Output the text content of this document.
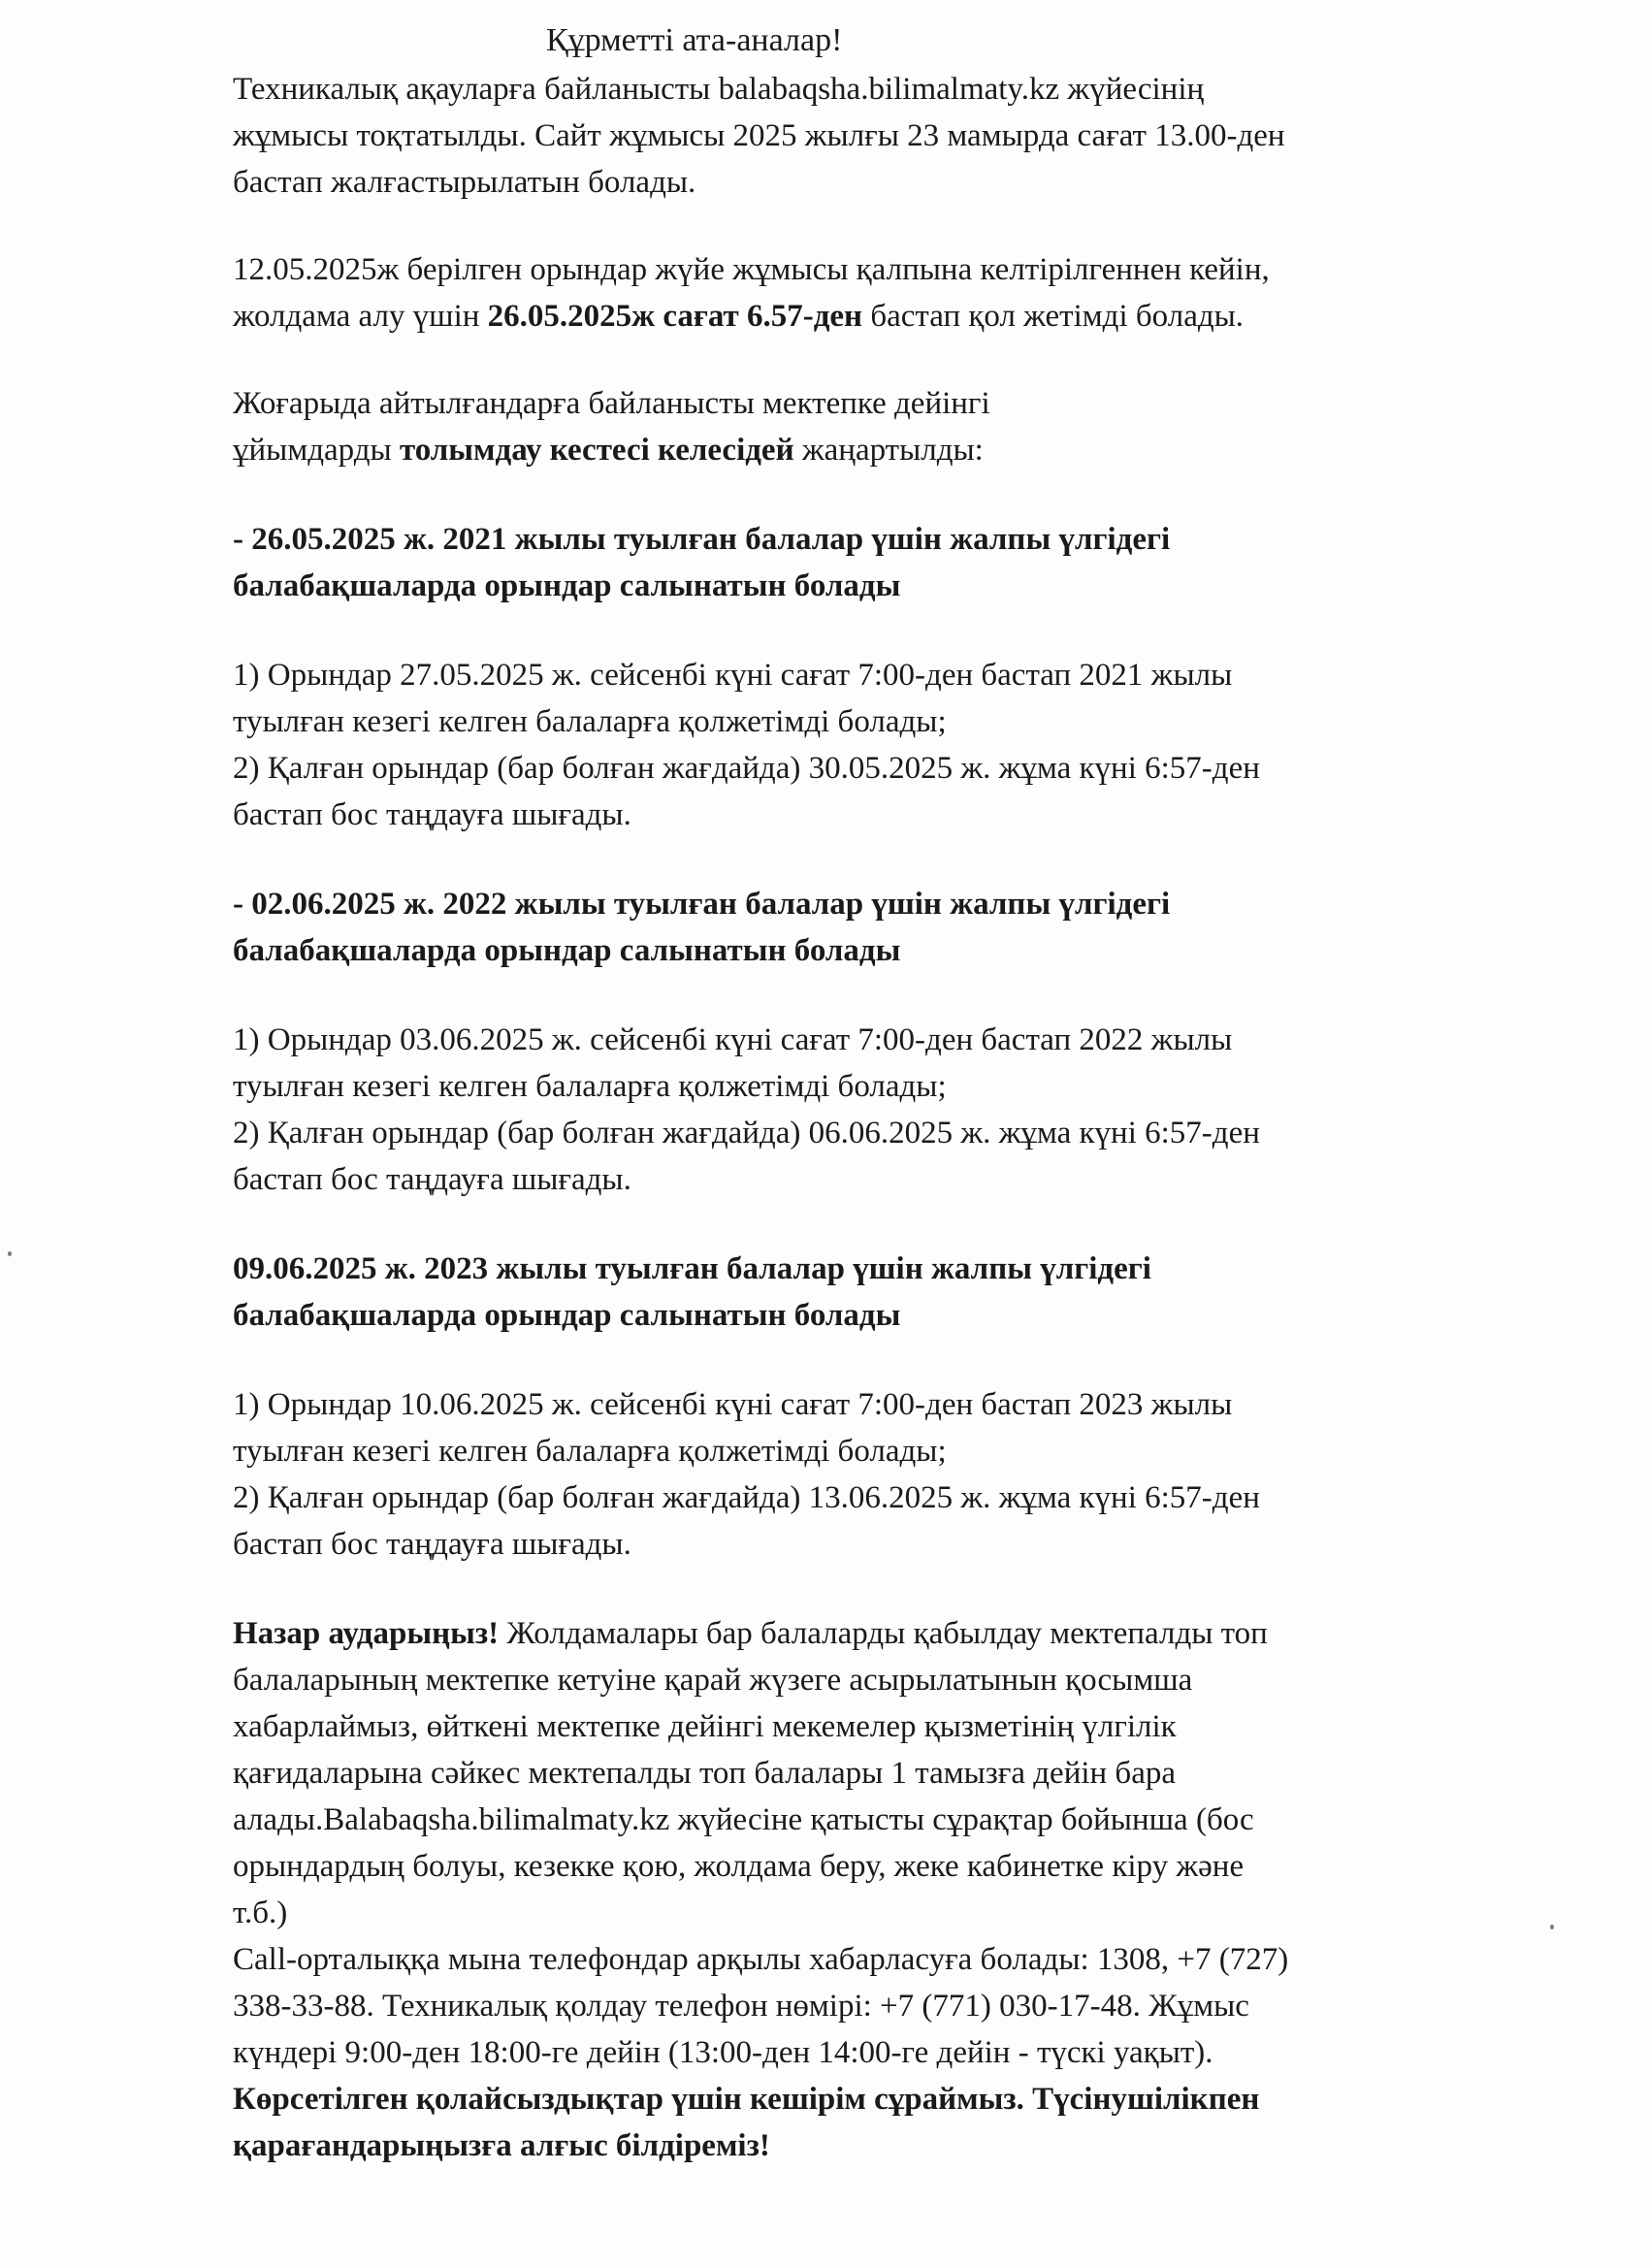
Құрметті ата-аналар!

Техникалық ақауларға байланысты balabaqsha.bilimalmaty.kz жүйесінің

жұмысы тоқтатылды. Сайт жұмысы 2025 жылғы 23 мамырда сағат 13.00-ден

бастап жалғастырылатын болады.

12.05.2025ж берілген орындар жүйе жұмысы қалпына келтірілгеннен кейін,

жолдама алу үшін 26.05.2025ж сағат 6.57-ден бастап қол жетімді болады.

Жоғарыда айтылғандарға байланысты мектепке дейінгі

ұйымдарды толымдау кестесі келесідей жаңартылды:

- 26.05.2025 ж. 2021 жылы туылған балалар үшін жалпы үлгідегі

балабақшаларда орындар салынатын болады

1) Орындар 27.05.2025 ж. сейсенбі күні сағат 7:00-ден бастап 2021 жылы

туылған кезегі келген балаларға қолжетімді болады;

2) Қалған орындар (бар болған жағдайда) 30.05.2025 ж. жұма күні 6:57-ден

бастап бос таңдауға шығады.

- 02.06.2025 ж. 2022 жылы туылған балалар үшін жалпы үлгідегі

балабақшаларда орындар салынатын болады

1) Орындар 03.06.2025 ж. сейсенбі күні сағат 7:00-ден бастап 2022 жылы

туылған кезегі келген балаларға қолжетімді болады;

2) Қалған орындар (бар болған жағдайда) 06.06.2025 ж. жұма күні 6:57-ден

бастап бос таңдауға шығады.

09.06.2025 ж. 2023 жылы туылған балалар үшін жалпы үлгідегі

балабақшаларда орындар салынатын болады

1) Орындар 10.06.2025 ж. сейсенбі күні сағат 7:00-ден бастап 2023 жылы

туылған кезегі келген балаларға қолжетімді болады;

2) Қалған орындар (бар болған жағдайда) 13.06.2025 ж. жұма күні 6:57-ден

бастап бос таңдауға шығады.

Назар аударыңыз! Жолдамалары бар балаларды қабылдау мектепалды топ

балаларының мектепке кетуіне қарай жүзеге асырылатынын қосымша

хабарлаймыз, өйткені мектепке дейінгі мекемелер қызметінің үлгілік

қағидаларына сәйкес мектепалды топ балалары 1 тамызға дейін бара

алады.Balabaqsha.bilimalmaty.kz жүйесіне қатысты сұрақтар бойынша (бос

орындардың болуы, кезекке қою, жолдама беру, жеке кабинетке кіру және

т.б.)

Call-орталыққа мына телефондар арқылы хабарласуға болады: 1308, +7 (727)

338-33-88. Техникалық қолдау телефон нөмірі: +7 (771) 030-17-48. Жұмыс

күндері 9:00-ден 18:00-ге дейін (13:00-ден 14:00-ге дейін - түскі уақыт).

Көрсетілген қолайсыздықтар үшін кешірім сұраймыз. Түсінушілікпен

қарағандарыңызға алғыс білдіреміз!
